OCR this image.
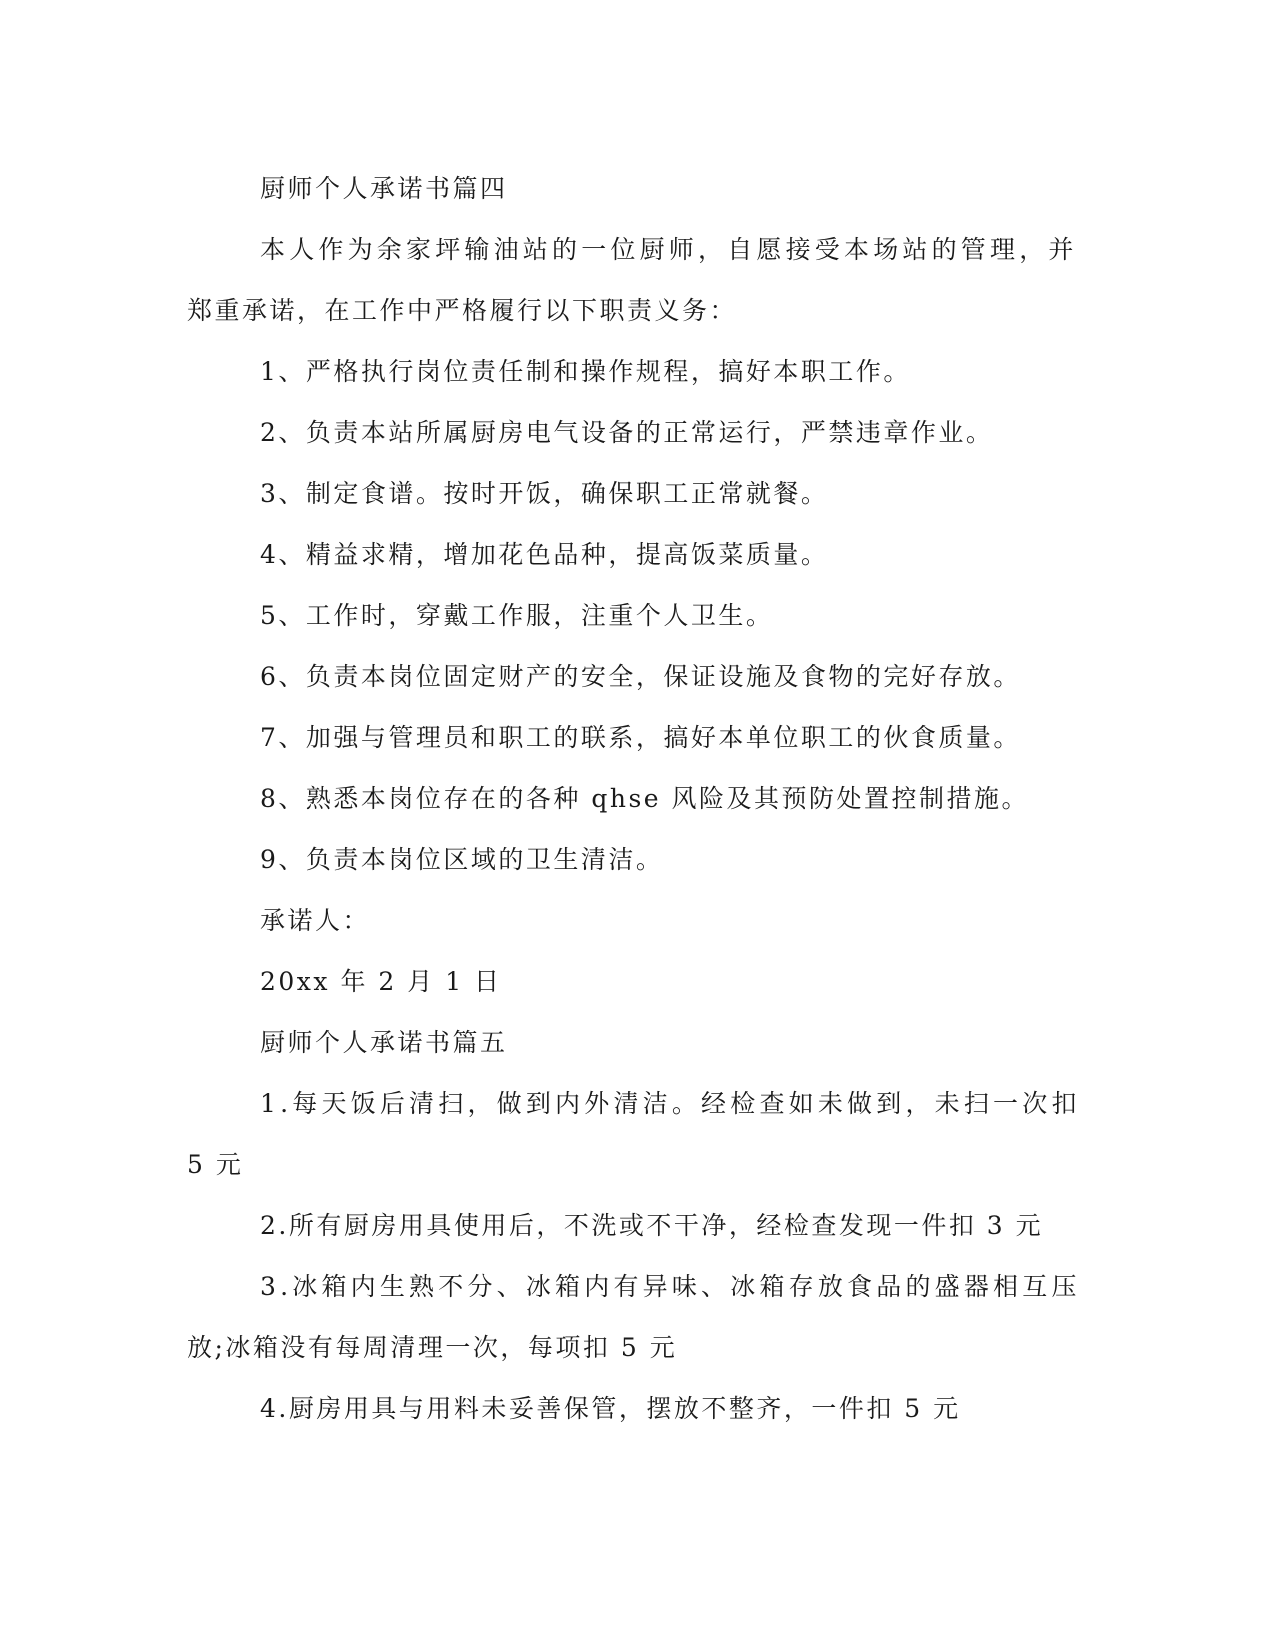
厨师个人承诺书篇四
本人作为余家坪输油站的一位厨师，自愿接受本场站的管理，并
郑重承诺，在工作中严格履行以下职责义务：
1、严格执行岗位责任制和操作规程，搞好本职工作。
2、负责本站所属厨房电气设备的正常运行，严禁违章作业。
3、制定食谱。按时开饭，确保职工正常就餐。
4、精益求精，增加花色品种，提高饭菜质量。
5、工作时，穿戴工作服，注重个人卫生。
6、负责本岗位固定财产的安全，保证设施及食物的完好存放。
7、加强与管理员和职工的联系，搞好本单位职工的伙食质量。
8、熟悉本岗位存在的各种 qhse 风险及其预防处置控制措施。
9、负责本岗位区域的卫生清洁。
承诺人：
20xx 年 2 月 1 日
厨师个人承诺书篇五
1.每天饭后清扫，做到内外清洁。经检查如未做到，未扫一次扣
5 元
2.所有厨房用具使用后，不洗或不干净，经检查发现一件扣 3 元
3.冰箱内生熟不分、冰箱内有异味、冰箱存放食品的盛器相互压
放;冰箱没有每周清理一次，每项扣 5 元
4.厨房用具与用料未妥善保管，摆放不整齐，一件扣 5 元
